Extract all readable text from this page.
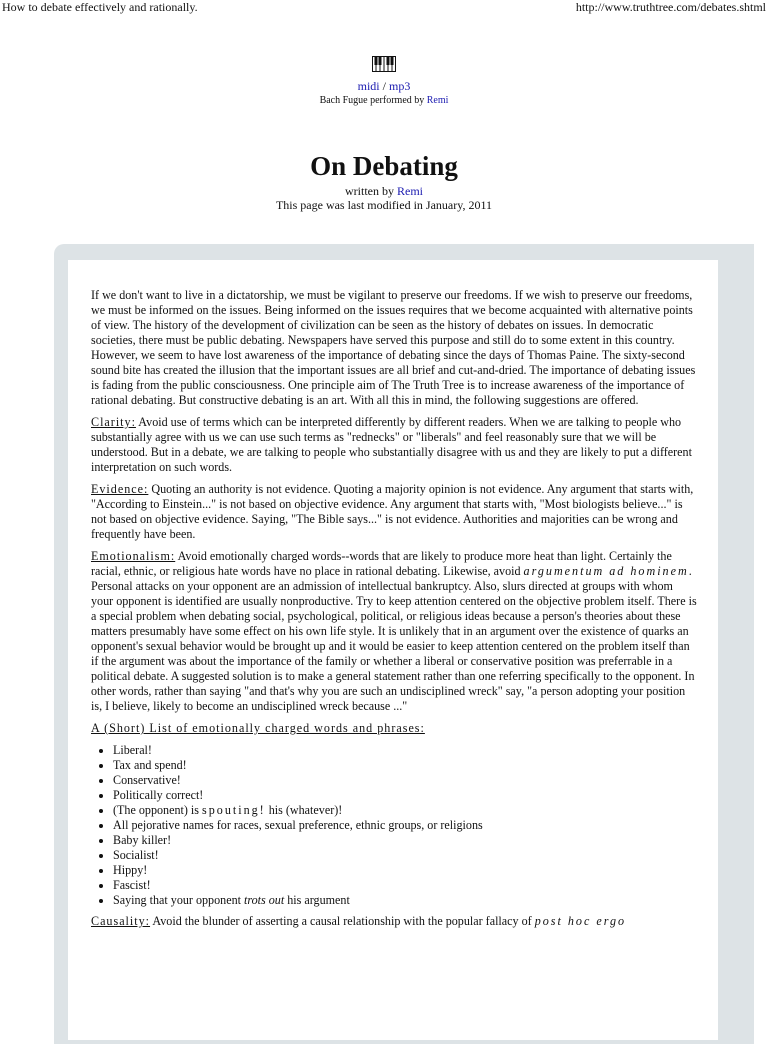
How to debate effectively and rationally.	http://www.truthtree.com/debates.shtml
midi / mp3
Bach Fugue performed by Remi
On Debating
written by Remi
This page was last modified in January, 2011

If we don't want to live in a dictatorship, we must be vigilant to preserve our freedoms. If we wish to preserve our freedoms, we must be informed on the issues. Being informed on the issues requires that we become acquainted with alternative points of view. The history of the development of civilization can be seen as the history of debates on issues. In democratic societies, there must be public debating. Newspapers have served this purpose and still do to some extent in this country. However, we seem to have lost awareness of the importance of debating since the days of Thomas Paine. The sixty-second sound bite has created the illusion that the important issues are all brief and cut-and-dried. The importance of debating issues is fading from the public consciousness. One principle aim of The Truth Tree is to increase awareness of the importance of rational debating. But constructive debating is an art. With all this in mind, the following suggestions are offered.

Clarity: Avoid use of terms which can be interpreted differently by different readers. When we are talking to people who substantially agree with us we can use such terms as "rednecks" or "liberals" and feel reasonably sure that we will be understood. But in a debate, we are talking to people who substantially disagree with us and they are likely to put a different interpretation on such words.

Evidence: Quoting an authority is not evidence. Quoting a majority opinion is not evidence. Any argument that starts with, "According to Einstein..." is not based on objective evidence. Any argument that starts with, "Most biologists believe..." is not based on objective evidence. Saying, "The Bible says..." is not evidence. Authorities and majorities can be wrong and frequently have been.

Emotionalism: Avoid emotionally charged words--words that are likely to produce more heat than light. Certainly the racial, ethnic, or religious hate words have no place in rational debating. Likewise, avoid argumentum ad hominem. Personal attacks on your opponent are an admission of intellectual bankruptcy. Also, slurs directed at groups with whom your opponent is identified are usually nonproductive. Try to keep attention centered on the objective problem itself. There is a special problem when debating social, psychological, political, or religious ideas because a person's theories about these matters presumably have some effect on his own life style. It is unlikely that in an argument over the existence of quarks an opponent's sexual behavior would be brought up and it would be easier to keep attention centered on the problem itself than if the argument was about the importance of the family or whether a liberal or conservative position was preferrable in a political debate. A suggested solution is to make a general statement rather than one referring specifically to the opponent. In other words, rather than saying "and that's why you are such an undisciplined wreck" say, "a person adopting your position is, I believe, likely to become an undisciplined wreck because ..."

A (Short) List of emotionally charged words and phrases:

• Liberal!
• Tax and spend!
• Conservative!
• Politically correct!
• (The opponent) is spouting! his (whatever)!
• All pejorative names for races, sexual preference, ethnic groups, or religions
• Baby killer!
• Socialist!
• Hippy!
• Fascist!
• Saying that your opponent trots out his argument

Causality: Avoid the blunder of asserting a causal relationship with the popular fallacy of post hoc ergo
